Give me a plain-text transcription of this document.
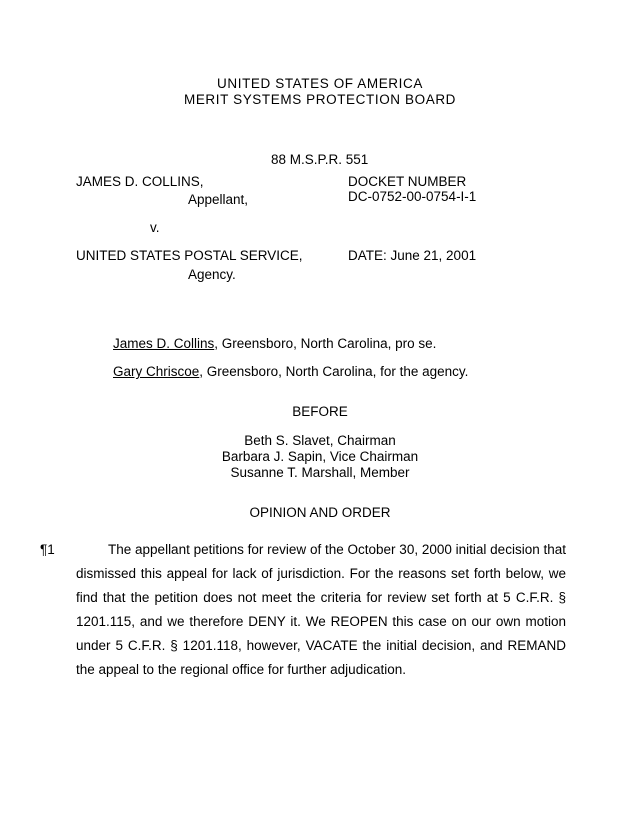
UNITED STATES OF AMERICA
MERIT SYSTEMS PROTECTION BOARD
88 M.S.P.R. 551
JAMES D. COLLINS,
Appellant,
DOCKET NUMBER
DC-0752-00-0754-I-1
v.
UNITED STATES POSTAL SERVICE,
Agency.
DATE: June 21, 2001
James D. Collins, Greensboro, North Carolina, pro se.
Gary Chriscoe, Greensboro, North Carolina, for the agency.
BEFORE
Beth S. Slavet, Chairman
Barbara J. Sapin, Vice Chairman
Susanne T. Marshall, Member
OPINION AND ORDER
¶1	The appellant petitions for review of the October 30, 2000 initial decision that dismissed this appeal for lack of jurisdiction. For the reasons set forth below, we find that the petition does not meet the criteria for review set forth at 5 C.F.R. § 1201.115, and we therefore DENY it. We REOPEN this case on our own motion under 5 C.F.R. § 1201.118, however, VACATE the initial decision, and REMAND the appeal to the regional office for further adjudication.
